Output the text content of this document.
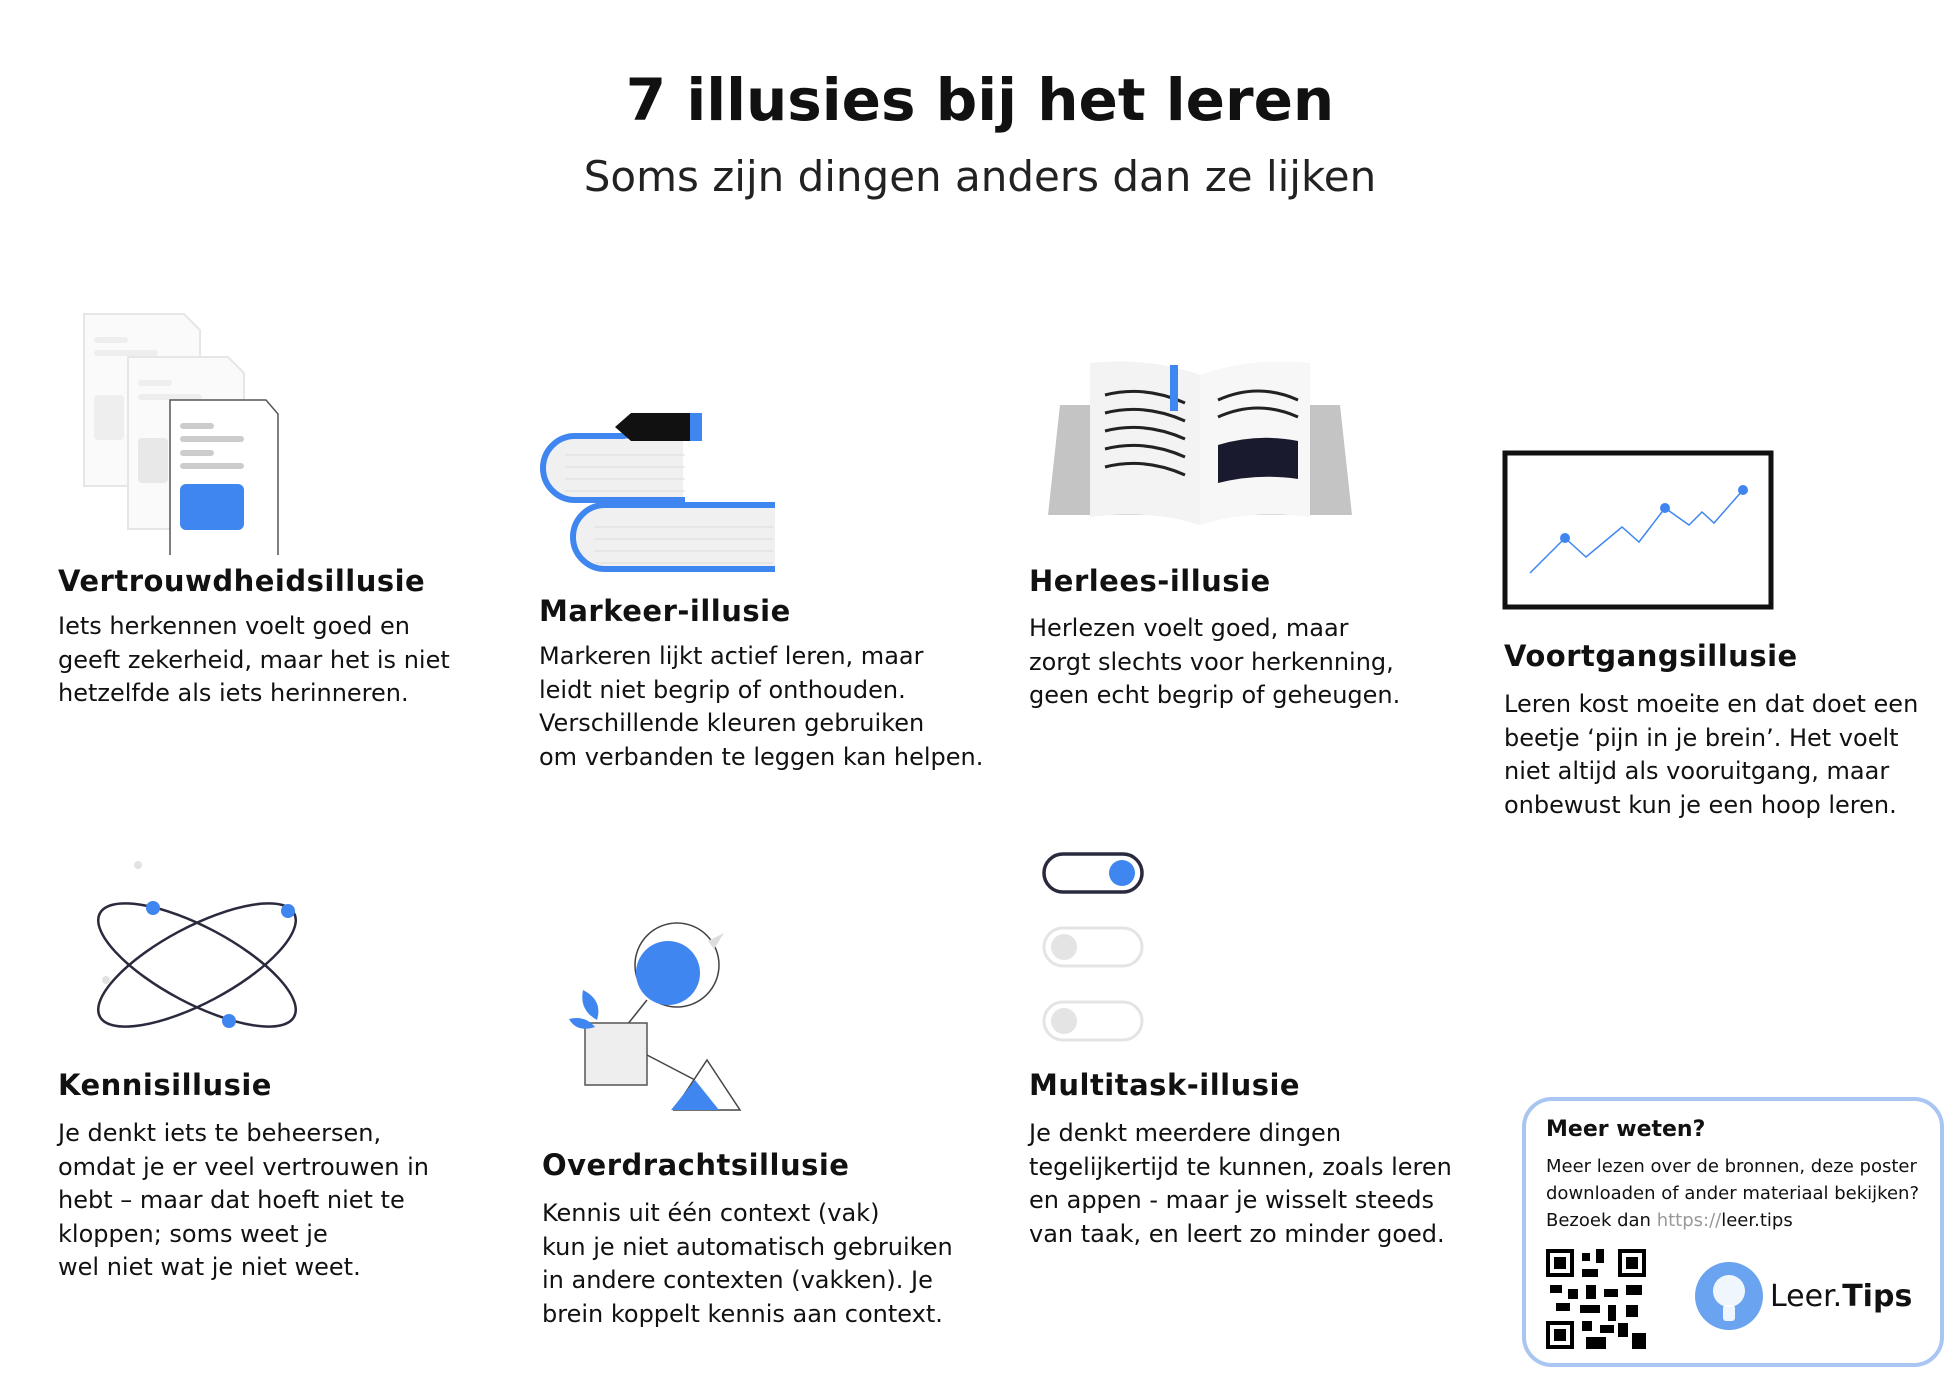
7 illusies bij het leren
Soms zijn dingen anders dan ze lijken
Vertrouwdheidsillusie
Iets herkennen voelt goed en
geeft zekerheid, maar het is niet
hetzelfde als iets herinneren.
Markeer-illusie
Markeren lijkt actief leren, maar
leidt niet begrip of onthouden.
Verschillende kleuren gebruiken
om verbanden te leggen kan helpen.
Herlees-illusie
Herlezen voelt goed, maar
zorgt slechts voor herkenning,
geen echt begrip of geheugen.
Voortgangsillusie
Leren kost moeite en dat doet een
beetje ‘pijn in je brein’. Het voelt
niet altijd als vooruitgang, maar
onbewust kun je een hoop leren.
Kennisillusie
Je denkt iets te beheersen,
omdat je er veel vertrouwen in
hebt – maar dat hoeft niet te
kloppen; soms weet je
wel niet wat je niet weet.
Overdrachtsillusie
Kennis uit één context (vak)
kun je niet automatisch gebruiken
in andere contexten (vakken). Je
brein koppelt kennis aan context.
Multitask-illusie
Je denkt meerdere dingen
tegelijkertijd te kunnen, zoals leren
en appen - maar je wisselt steeds
van taak, en leert zo minder goed.
Meer weten?
Meer lezen over de bronnen, deze poster
downloaden of ander materiaal bekijken?
Bezoek dan https://leer.tips
Leer.Tips
